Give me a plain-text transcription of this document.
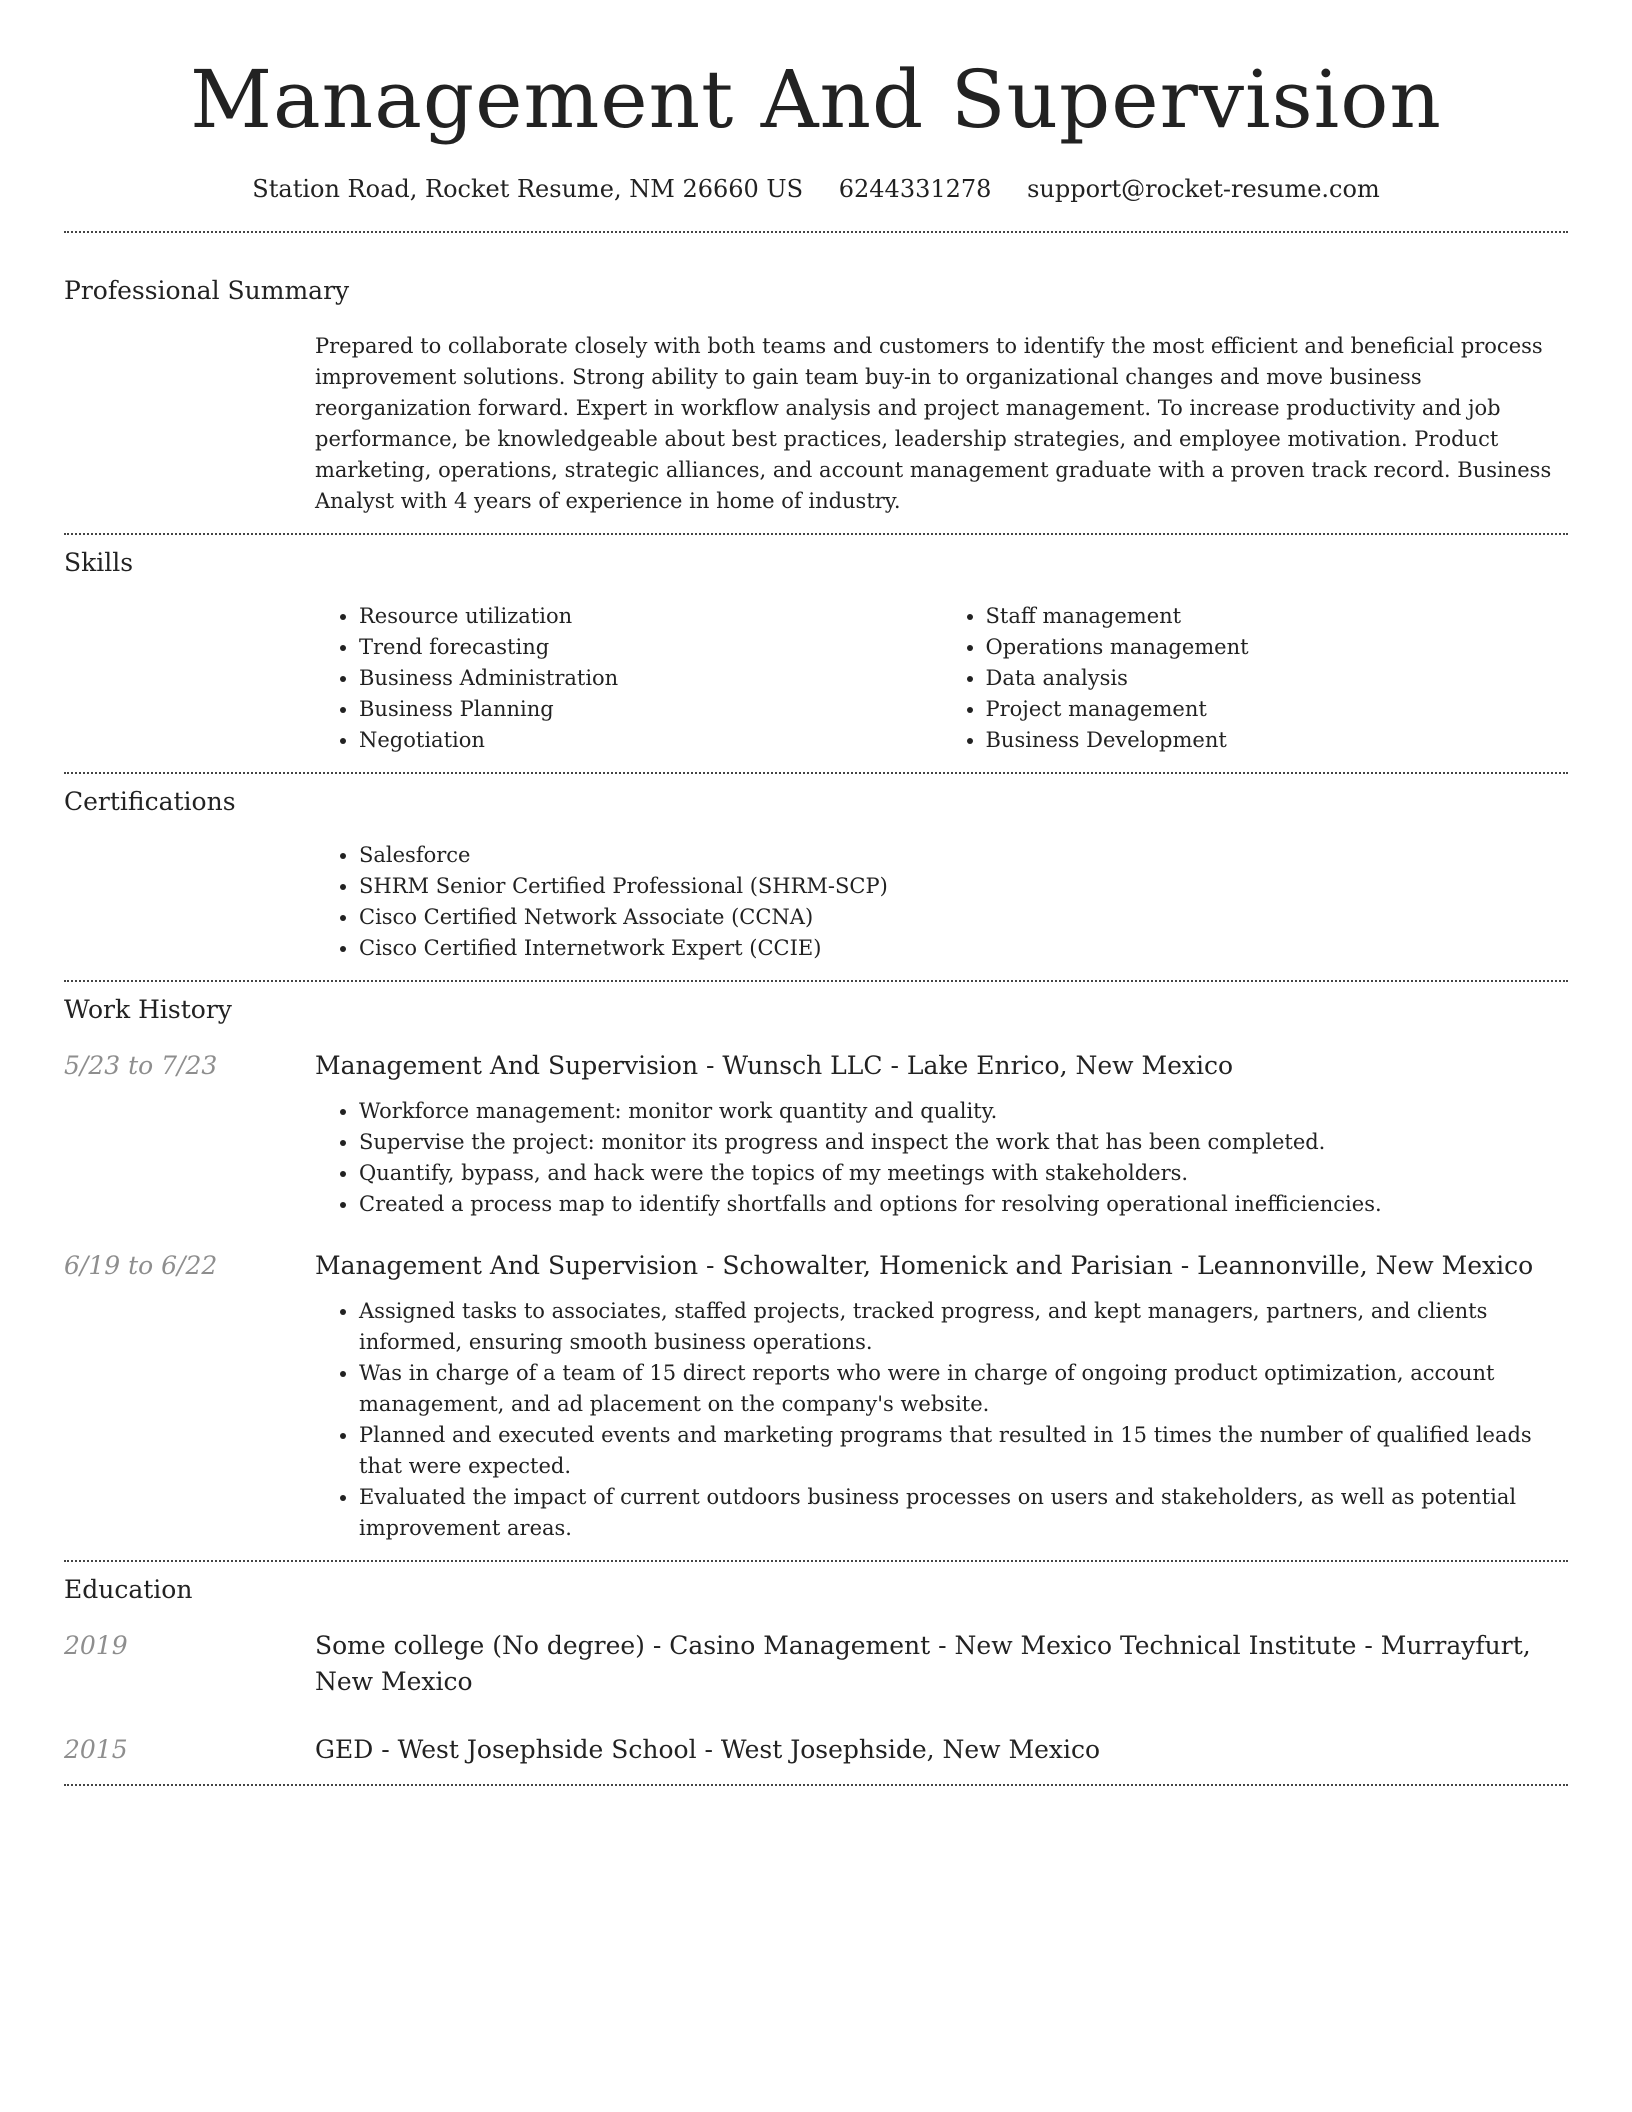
Management And Supervision
Station Road, Rocket Resume, NM 26660 US 6244331278 support@rocket-resume.com
Professional Summary

Prepared to collaborate closely with both teams and customers to identify the most efficient and beneficial process improvement solutions. Strong ability to gain team buy-in to organizational changes and move business reorganization forward. Expert in workflow analysis and project management. To increase productivity and job performance, be knowledgeable about best practices, leadership strategies, and employee motivation. Product marketing, operations, strategic alliances, and account management graduate with a proven track record. Business Analyst with 4 years of experience in home of industry.

Skills
• Resource utilization
• Trend forecasting
• Business Administration
• Business Planning
• Negotiation
• Staff management
• Operations management
• Data analysis
• Project management
• Business Development
Certifications
• Salesforce
• SHRM Senior Certified Professional (SHRM-SCP)
• Cisco Certified Network Associate (CCNA)
• Cisco Certified Internetwork Expert (CCIE)
Work History
5/23 to 7/23	Management And Supervision - Wunsch LLC - Lake Enrico, New Mexico
• Workforce management: monitor work quantity and quality.
• Supervise the project: monitor its progress and inspect the work that has been completed.
• Quantify, bypass, and hack were the topics of my meetings with stakeholders.
• Created a process map to identify shortfalls and options for resolving operational inefficiencies.
6/19 to 6/22	Management And Supervision - Schowalter, Homenick and Parisian - Leannonville, New Mexico
• Assigned tasks to associates, staffed projects, tracked progress, and kept managers, partners, and clients informed, ensuring smooth business operations.
• Was in charge of a team of 15 direct reports who were in charge of ongoing product optimization, account management, and ad placement on the company's website.
• Planned and executed events and marketing programs that resulted in 15 times the number of qualified leads that were expected.
• Evaluated the impact of current outdoors business processes on users and stakeholders, as well as potential improvement areas.
Education
2019	Some college (No degree) - Casino Management - New Mexico Technical Institute - Murrayfurt, New Mexico
2015	GED - West Josephside School - West Josephside, New Mexico
